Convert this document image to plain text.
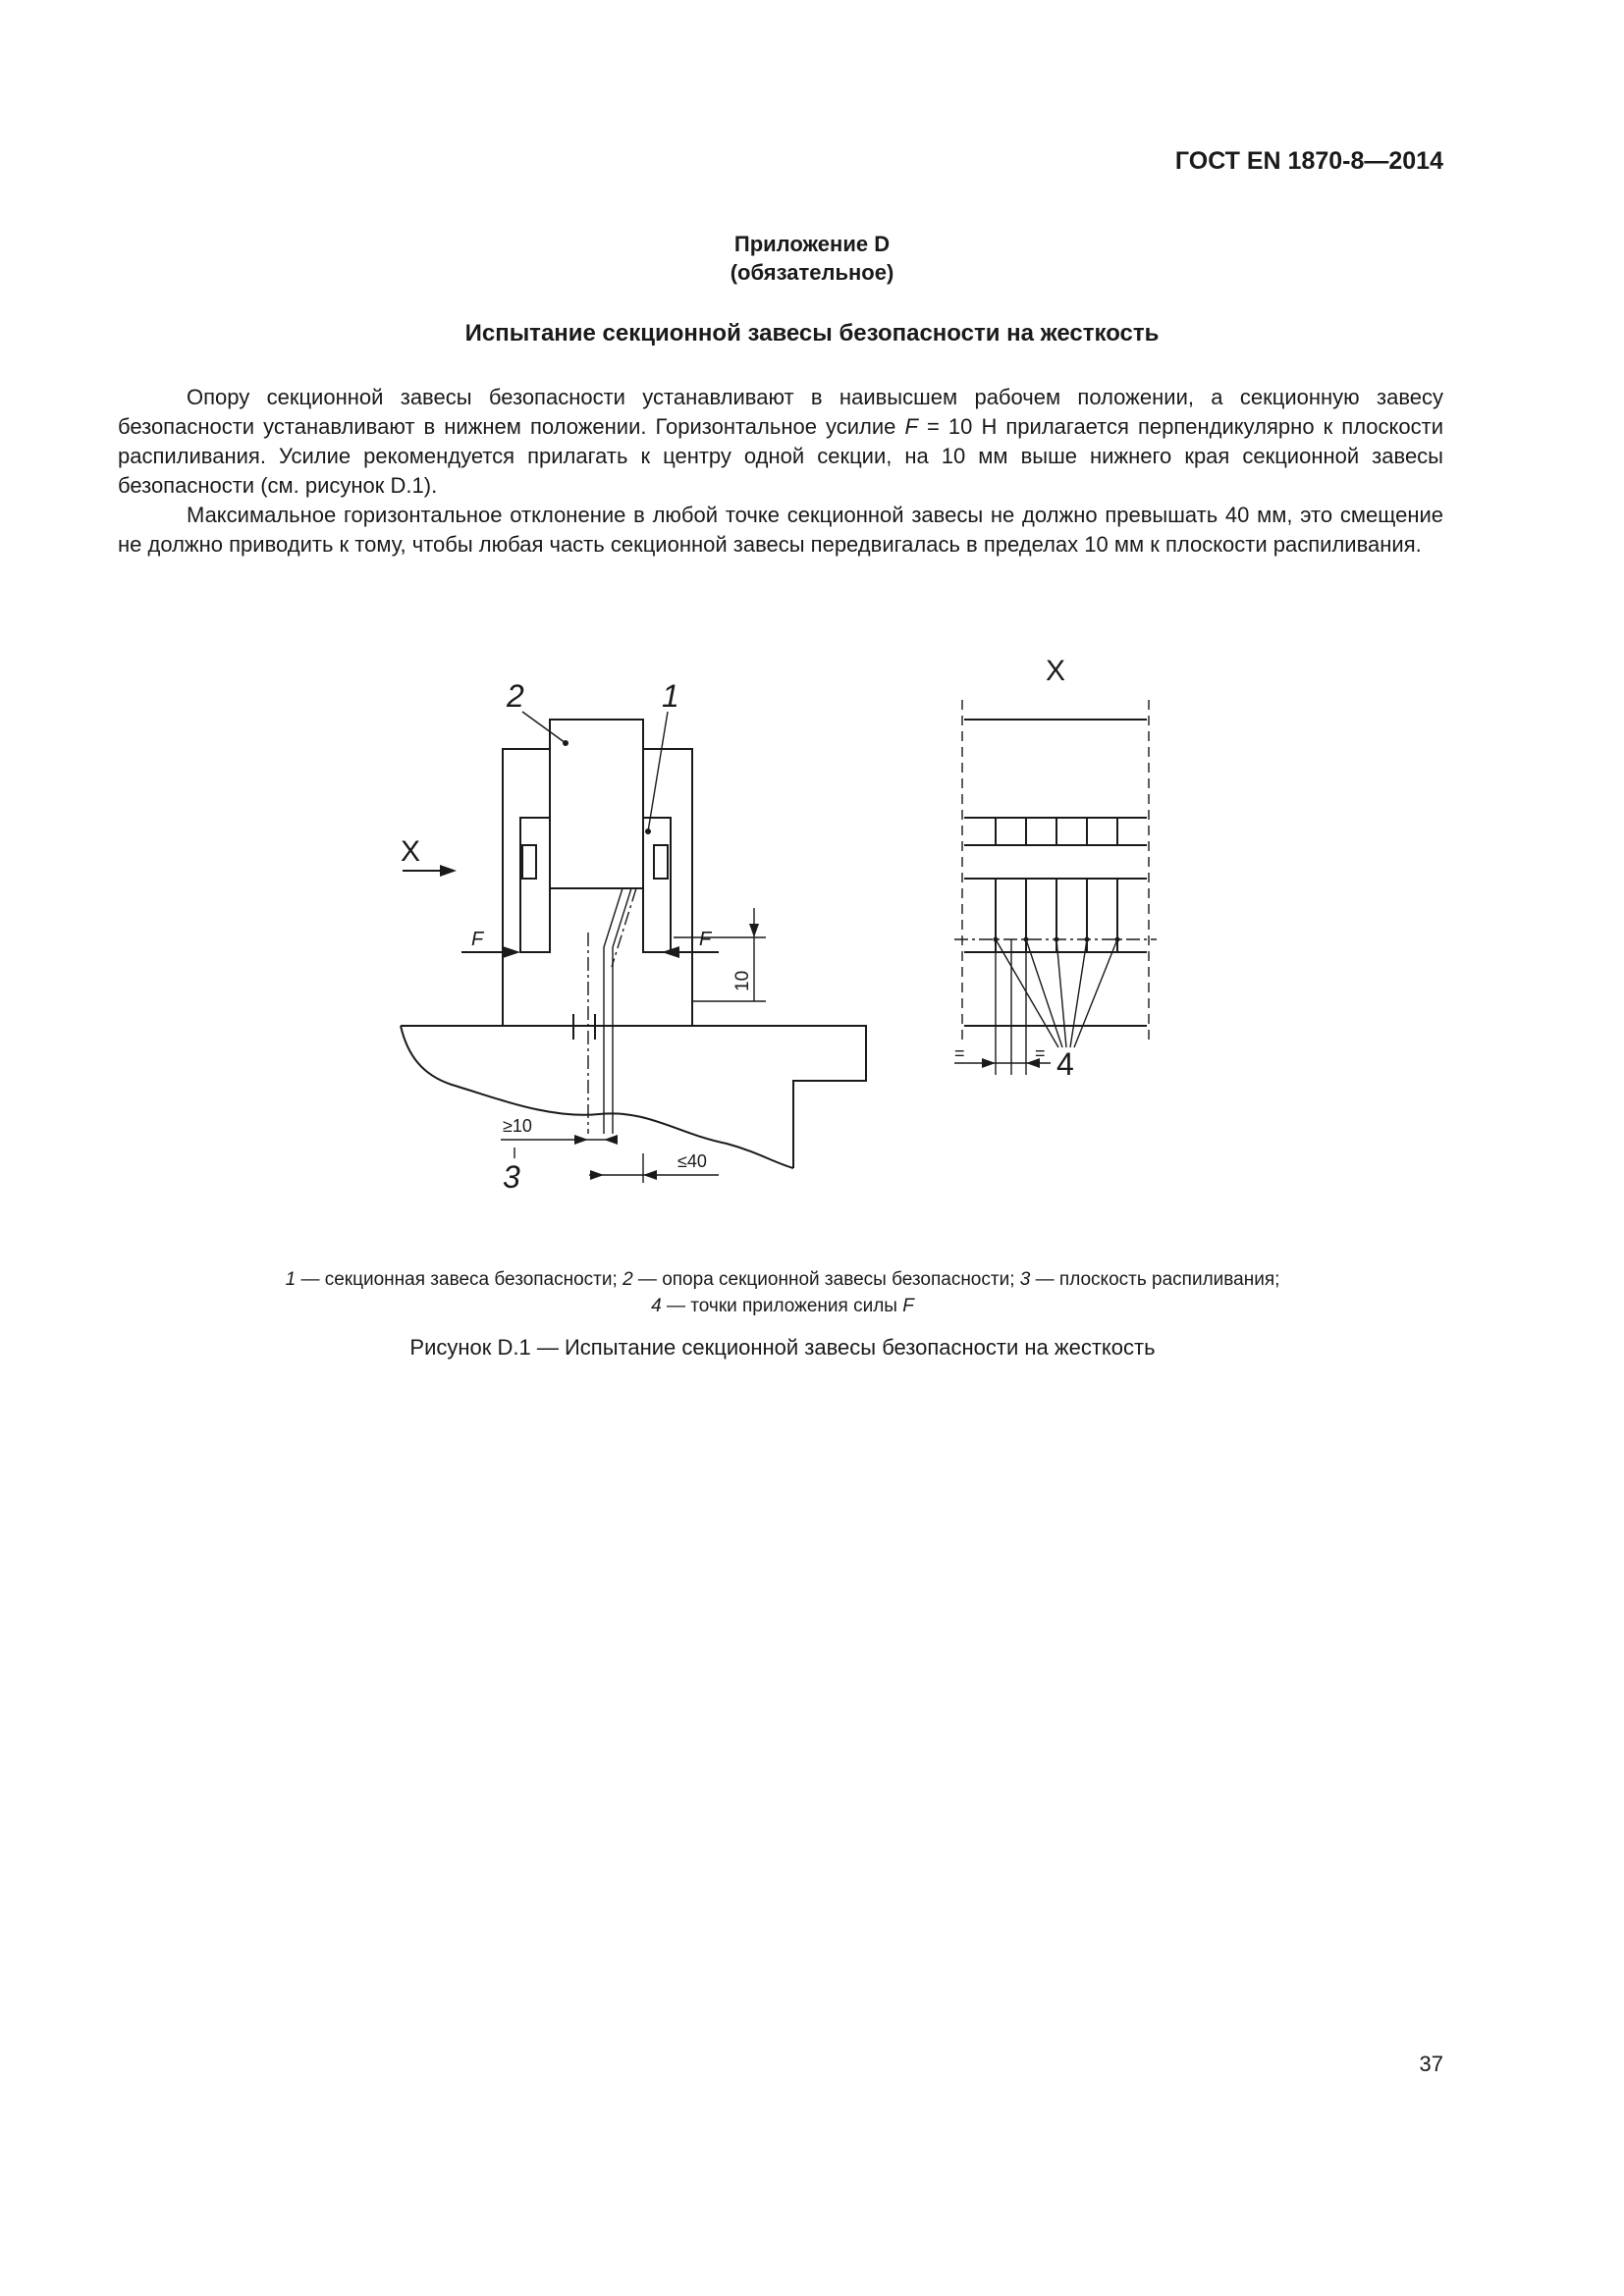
ГОСТ EN 1870-8—2014
Приложение D
(обязательное)
Испытание секционной завесы безопасности на жесткость

Опору секционной завесы безопасности устанавливают в наивысшем рабочем положении, а секционную завесу безопасности устанавливают в нижнем положении. Горизонтальное усилие F = 10 Н прилагается перпендикулярно к плоскости распиливания. Усилие рекомендуется прилагать к центру одной секции, на 10 мм выше нижнего края секционной завесы безопасности (см. рисунок D.1).

Максимальное горизонтальное отклонение в любой точке секционной завесы не должно превышать 40 мм, это смещение не должно приводить к тому, чтобы любая часть секционной завесы передвигалась в пределах 10 мм к плоскости распиливания.

F	F
10
X
2	1
≥10
3	≤40
X
4
=	=
1 — секционная завеса безопасности; 2 — опора секционной завесы безопасности; 3 — плоскость распиливания;
4 — точки приложения силы F
Рисунок D.1 — Испытание секционной завесы безопасности на жесткость
37
